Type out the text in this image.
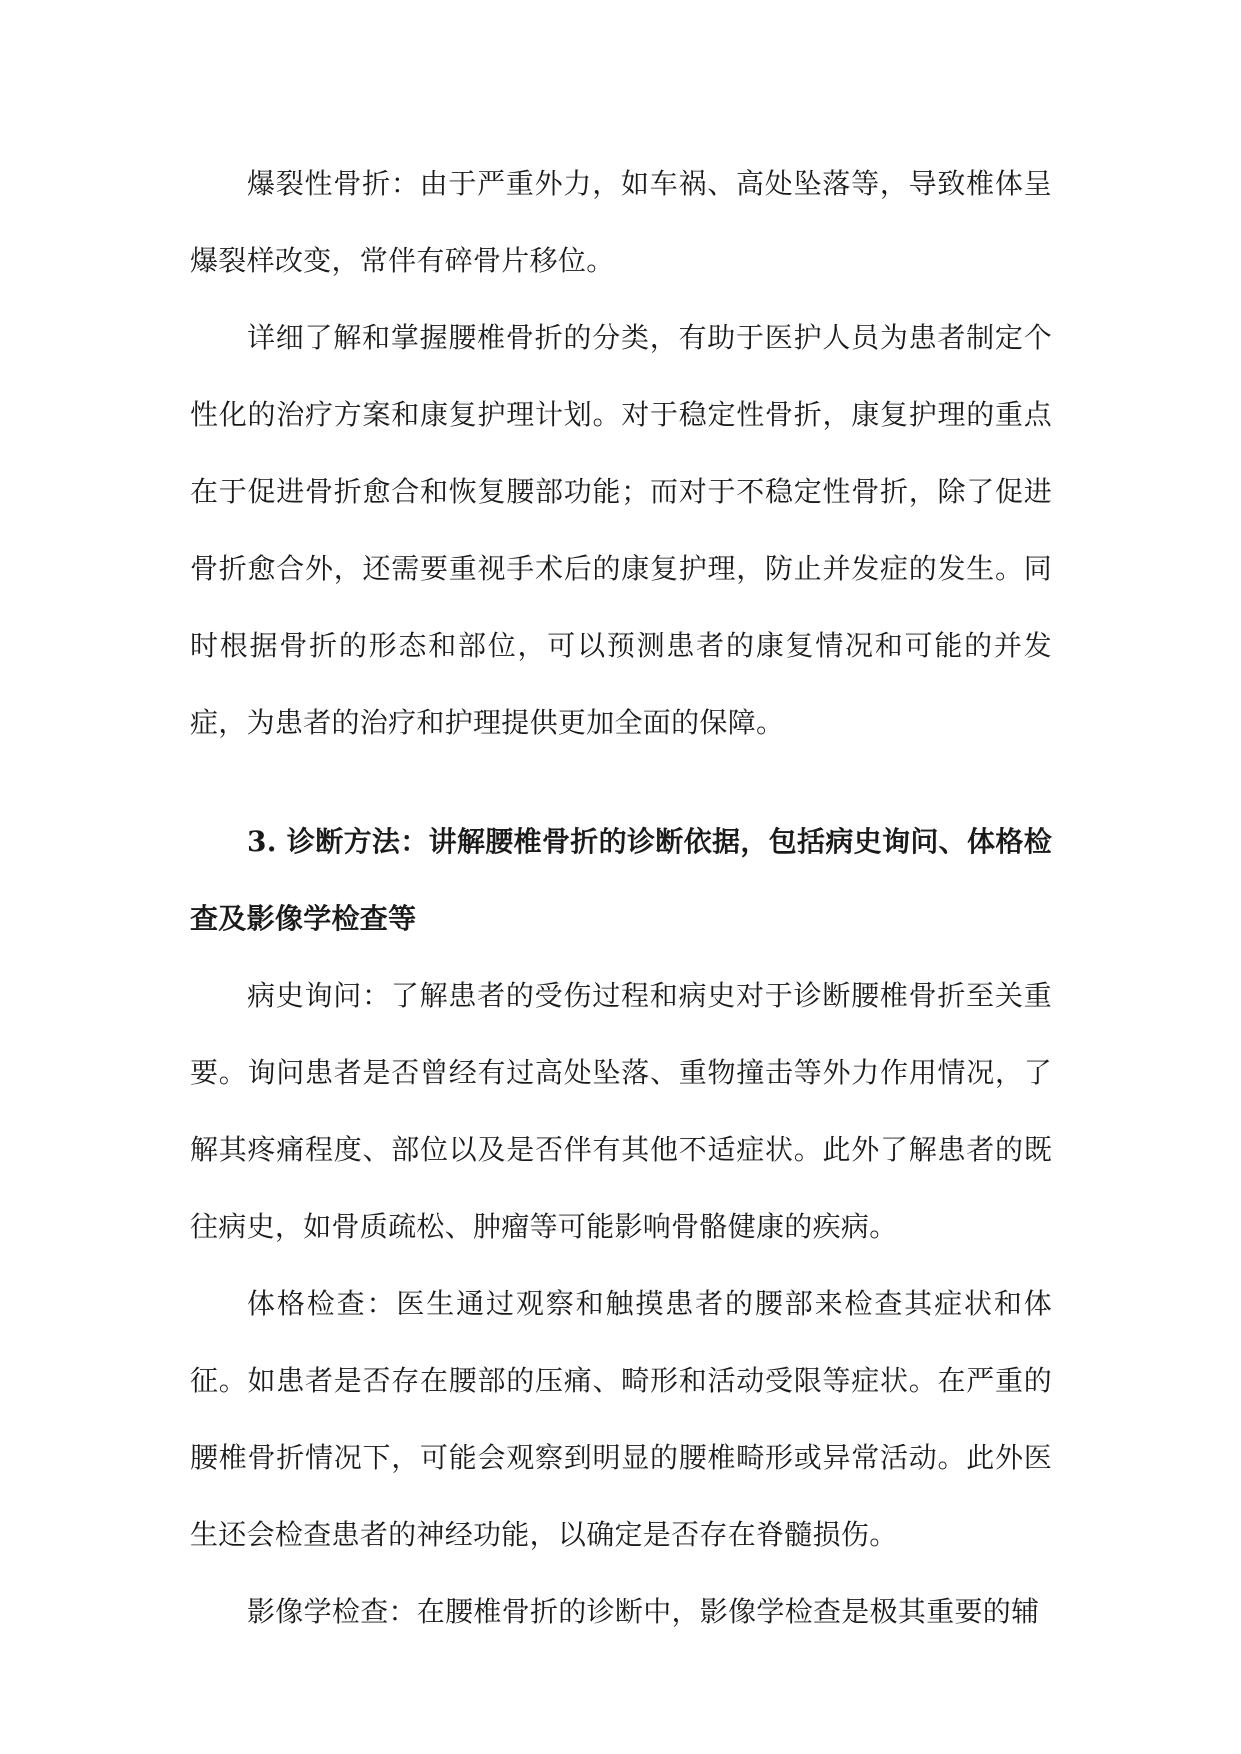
爆裂性骨折：由于严重外力，如车祸、高处坠落等，导致椎体呈爆裂样改变，常伴有碎骨片移位。

详细了解和掌握腰椎骨折的分类，有助于医护人员为患者制定个性化的治疗方案和康复护理计划。对于稳定性骨折，康复护理的重点在于促进骨折愈合和恢复腰部功能；而对于不稳定性骨折，除了促进骨折愈合外，还需要重视手术后的康复护理，防止并发症的发生。同时根据骨折的形态和部位，可以预测患者的康复情况和可能的并发症，为患者的治疗和护理提供更加全面的保障。

3. 诊断方法：讲解腰椎骨折的诊断依据，包括病史询问、体格检查及影像学检查等

病史询问：了解患者的受伤过程和病史对于诊断腰椎骨折至关重要。询问患者是否曾经有过高处坠落、重物撞击等外力作用情况，了解其疼痛程度、部位以及是否伴有其他不适症状。此外了解患者的既往病史，如骨质疏松、肿瘤等可能影响骨骼健康的疾病。

体格检查：医生通过观察和触摸患者的腰部来检查其症状和体征。如患者是否存在腰部的压痛、畸形和活动受限等症状。在严重的腰椎骨折情况下，可能会观察到明显的腰椎畸形或异常活动。此外医生还会检查患者的神经功能，以确定是否存在脊髓损伤。

影像学检查：在腰椎骨折的诊断中，影像学检查是极其重要的辅
